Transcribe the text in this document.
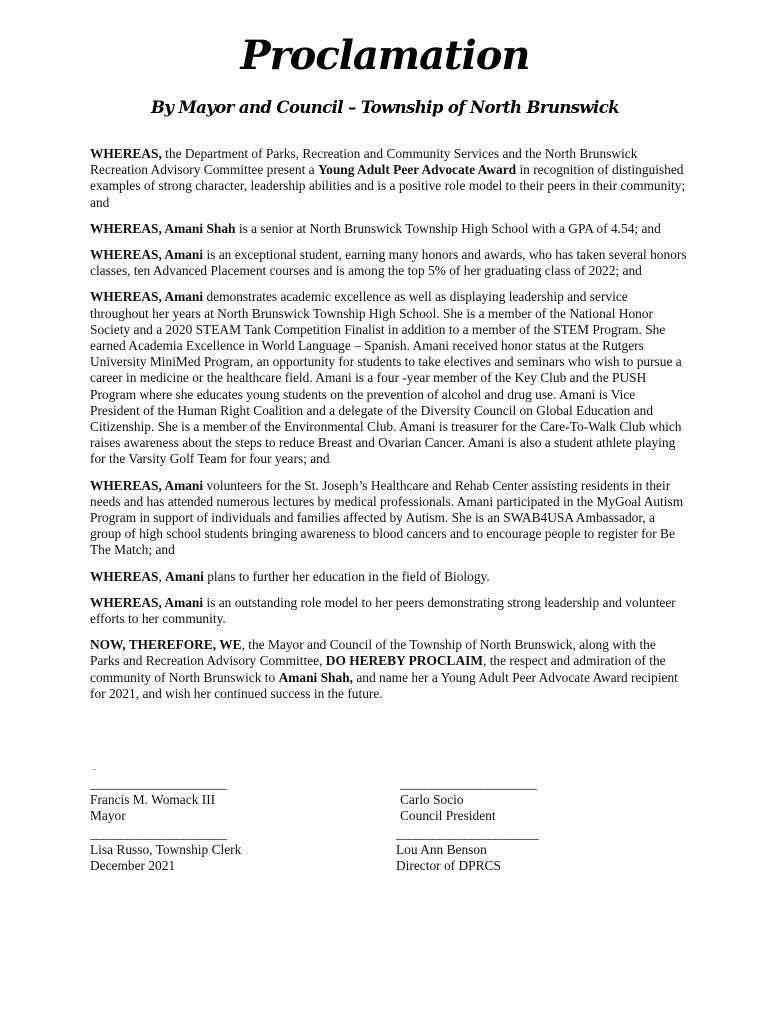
Proclamation
By Mayor and Council – Township of North Brunswick

WHEREAS, the Department of Parks, Recreation and Community Services and the North Brunswick Recreation Advisory Committee present a Young Adult Peer Advocate Award in recognition of distinguished examples of strong character, leadership abilities and is a positive role model to their peers in their community; and

WHEREAS, Amani Shah is a senior at North Brunswick Township High School with a GPA of 4.54; and

WHEREAS, Amani is an exceptional student, earning many honors and awards, who has taken several honors classes, ten Advanced Placement courses and is among the top 5% of her graduating class of 2022; and

WHEREAS, Amani demonstrates academic excellence as well as displaying leadership and service throughout her years at North Brunswick Township High School. She is a member of the National Honor Society and a 2020 STEAM Tank Competition Finalist in addition to a member of the STEM Program. She earned Academia Excellence in World Language – Spanish. Amani received honor status at the Rutgers University MiniMed Program, an opportunity for students to take electives and seminars who wish to pursue a career in medicine or the healthcare field. Amani is a four -year member of the Key Club and the PUSH Program where she educates young students on the prevention of alcohol and drug use. Amani is Vice President of the Human Right Coalition and a delegate of the Diversity Council on Global Education and Citizenship. She is a member of the Environmental Club. Amani is treasurer for the Care-To-Walk Club which raises awareness about the steps to reduce Breast and Ovarian Cancer. Amani is also a student athlete playing for the Varsity Golf Team for four years; and

WHEREAS, Amani volunteers for the St. Joseph’s Healthcare and Rehab Center assisting residents in their needs and has attended numerous lectures by medical professionals. Amani participated in the MyGoal Autism Program in support of individuals and families affected by Autism. She is an SWAB4USA Ambassador, a group of high school students bringing awareness to blood cancers and to encourage people to register for Be The Match; and

WHEREAS, Amani plans to further her education in the field of Biology.

WHEREAS, Amani is an outstanding role model to her peers demonstrating strong leadership and volunteer efforts to her community.

NOW, THEREFORE, WE, the Mayor and Council of the Township of North Brunswick, along with the Parks and Recreation Advisory Committee, DO HEREBY PROCLAIM, the respect and admiration of the community of North Brunswick to Amani Shah, and name her a Young Adult Peer Advocate Award recipient for 2021, and wish her continued success in the future.

–
______________________
Francis M. Womack III
Mayor
______________________
Carlo Socio
Council President
______________________
Lisa Russo, Township Clerk
December 2021
_______________________
Lou Ann Benson
Director of DPRCS
